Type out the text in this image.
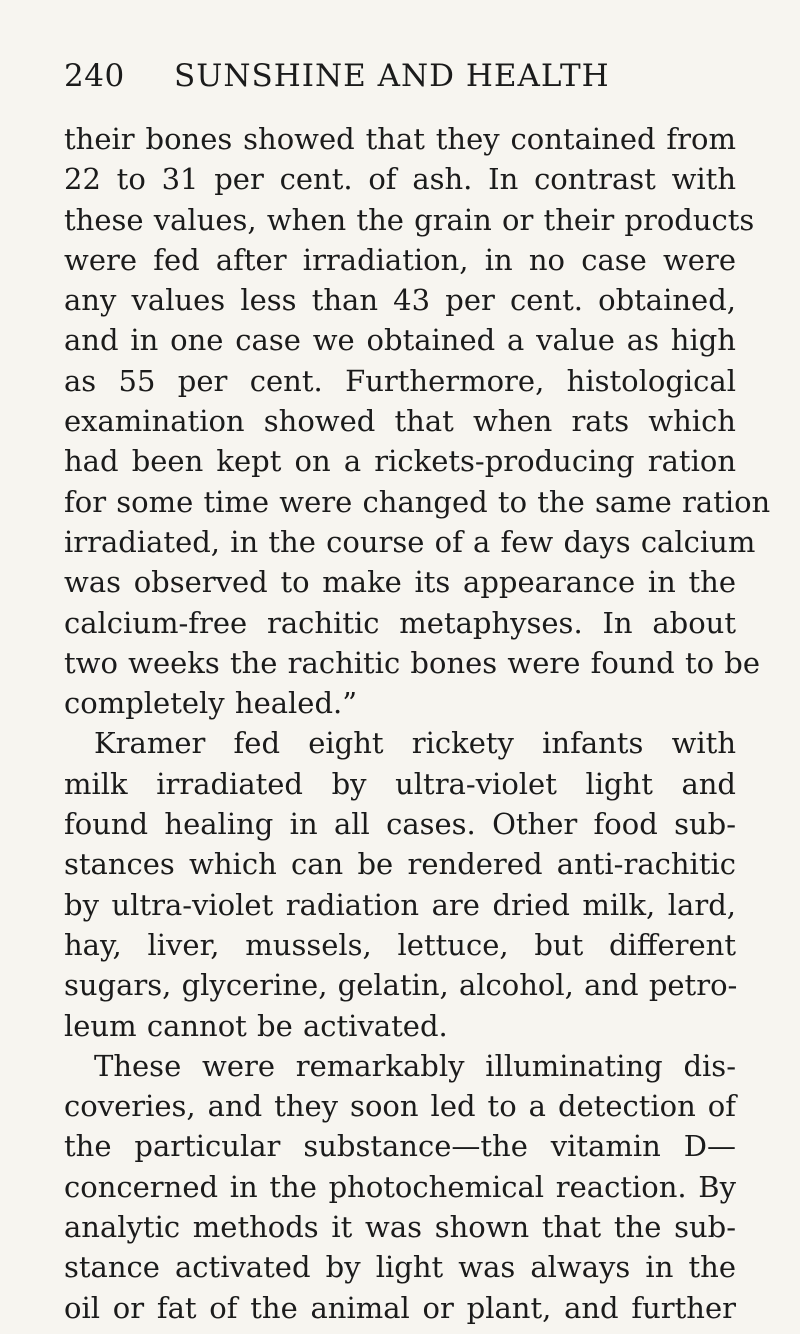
240	SUNSHINE AND HEALTH
their bones showed that they contained from
22 to 31 per cent. of ash. In contrast with
these values, when the grain or their products
were fed after irradiation, in no case were
any values less than 43 per cent. obtained,
and in one case we obtained a value as high
as 55 per cent. Furthermore, histological
examination showed that when rats which
had been kept on a rickets-producing ration
for some time were changed to the same ration
irradiated, in the course of a few days calcium
was observed to make its appearance in the
calcium-free rachitic metaphyses. In about
two weeks the rachitic bones were found to be
completely healed.”
Kramer fed eight rickety infants with
milk irradiated by ultra-violet light and
found healing in all cases. Other food sub-
stances which can be rendered anti-rachitic
by ultra-violet radiation are dried milk, lard,
hay, liver, mussels, lettuce, but different
sugars, glycerine, gelatin, alcohol, and petro-
leum cannot be activated.
These were remarkably illuminating dis-
coveries, and they soon led to a detection of
the particular substance—the vitamin D—
concerned in the photochemical reaction. By
analytic methods it was shown that the sub-
stance activated by light was always in the
oil or fat of the animal or plant, and further
